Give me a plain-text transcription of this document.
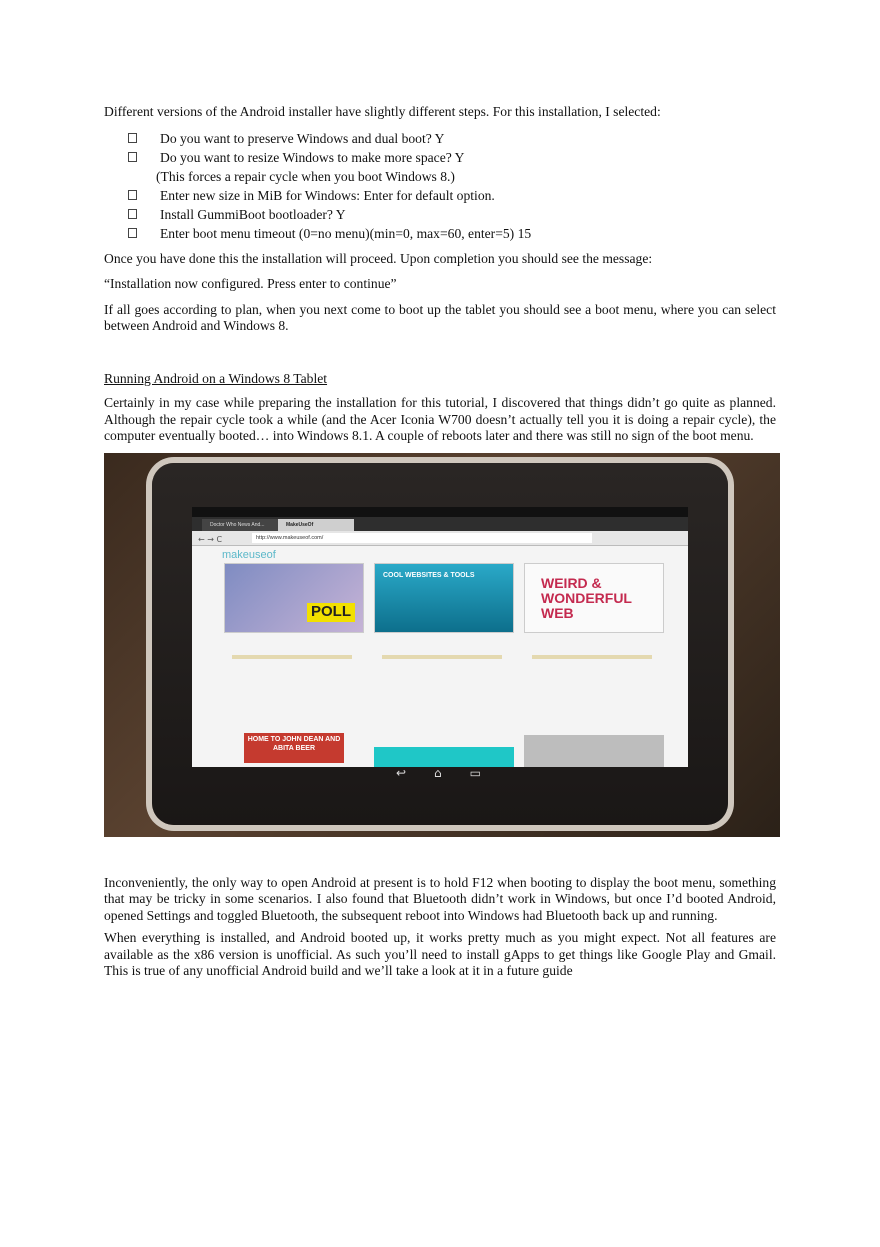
Different versions of the Android installer have slightly different steps. For this installation, I selected:

Do you want to preserve Windows and dual boot? Y
Do you want to resize Windows to make more space? Y
(This forces a repair cycle when you boot Windows 8.)
Enter new size in MiB for Windows: Enter for default option.
Install GummiBoot bootloader? Y
Enter boot menu timeout (0=no menu)(min=0, max=60, enter=5) 15

Once you have done this the installation will proceed. Upon completion you should see the message:

“Installation now configured. Press enter to continue”

If all goes according to plan, when you next come to boot up the tablet you should see a boot menu, where you can select between Android and Windows 8.

Running Android on a Windows 8 Tablet

Certainly in my case while preparing the installation for this tutorial, I discovered that things didn’t go quite as planned. Although the repair cycle took a while (and the Acer Iconia W700 doesn’t actually tell you it is doing a repair cycle), the computer eventually booted… into Windows 8.1. A couple of reboots later and there was still no sign of the boot menu.

Doctor Who News And...	MakeUseOf
← → C	http://www.makeuseof.com/
makeuseof
POLL
COOL WEBSITES & TOOLS	WEIRD & WONDERFUL WEB
HOME TO JOHN DEAN AND ABITA BEER
↩⌂▭

Inconveniently, the only way to open Android at present is to hold F12 when booting to display the boot menu, something that may be tricky in some scenarios. I also found that Bluetooth didn’t work in Windows, but once I’d booted Android, opened Settings and toggled Bluetooth, the subsequent reboot into Windows had Bluetooth back up and running.

When everything is installed, and Android booted up, it works pretty much as you might expect. Not all features are available as the x86 version is unofficial. As such you’ll need to install gApps to get things like Google Play and Gmail. This is true of any unofficial Android build and we’ll take a look at it in a future guide
